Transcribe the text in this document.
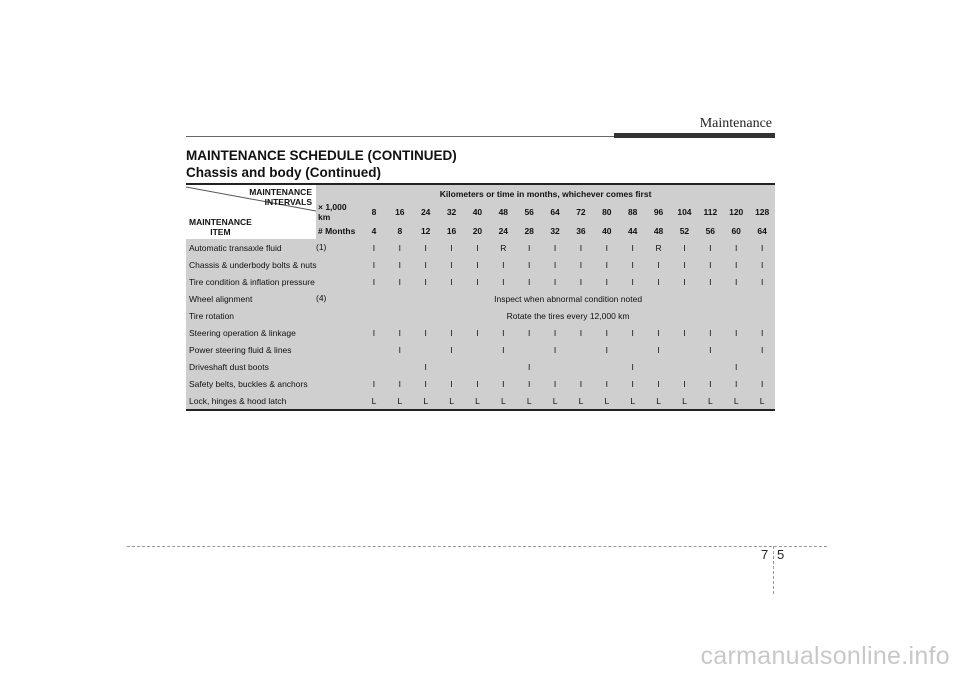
Maintenance
MAINTENANCE SCHEDULE (CONTINUED)
Chassis and body (Continued)
MAINTENANCE
INTERVALS
MAINTENANCE
ITEM	Kilometers or time in months, whichever comes first																
	× 1,000 km	8	16	24	32	40	48	56	64	72	80	88	96	104	112	120	128
	# Months	4	8	12	16	20	24	28	32	36	40	44	48	52	56	60	64
Automatic transaxle fluid (1)		I	I	I	I	I	R	I	I	I	I	I	R	I	I	I	I
Chassis & underbody bolts & nuts		I	I	I	I	I	I	I	I	I	I	I	I	I	I	I	I
Tire condition & inflation pressure		I	I	I	I	I	I	I	I	I	I	I	I	I	I	I	I
Wheel alignment (4)		Inspect when abnormal condition noted															
Tire rotation		Rotate the tires every 12,000 km															
Steering operation & linkage		I	I	I	I	I	I	I	I	I	I	I	I	I	I	I	I
Power steering fluid & lines			I		I		I		I		I		I		I		I
Driveshaft dust boots				I				I				I				I	
Safety belts, buckles & anchors		I	I	I	I	I	I	I	I	I	I	I	I	I	I	I	I
Lock, hinges & hood latch		L	L	L	L	L	L	L	L	L	L	L	L	L	L	L	L
7 5
carmanualsonline.info
